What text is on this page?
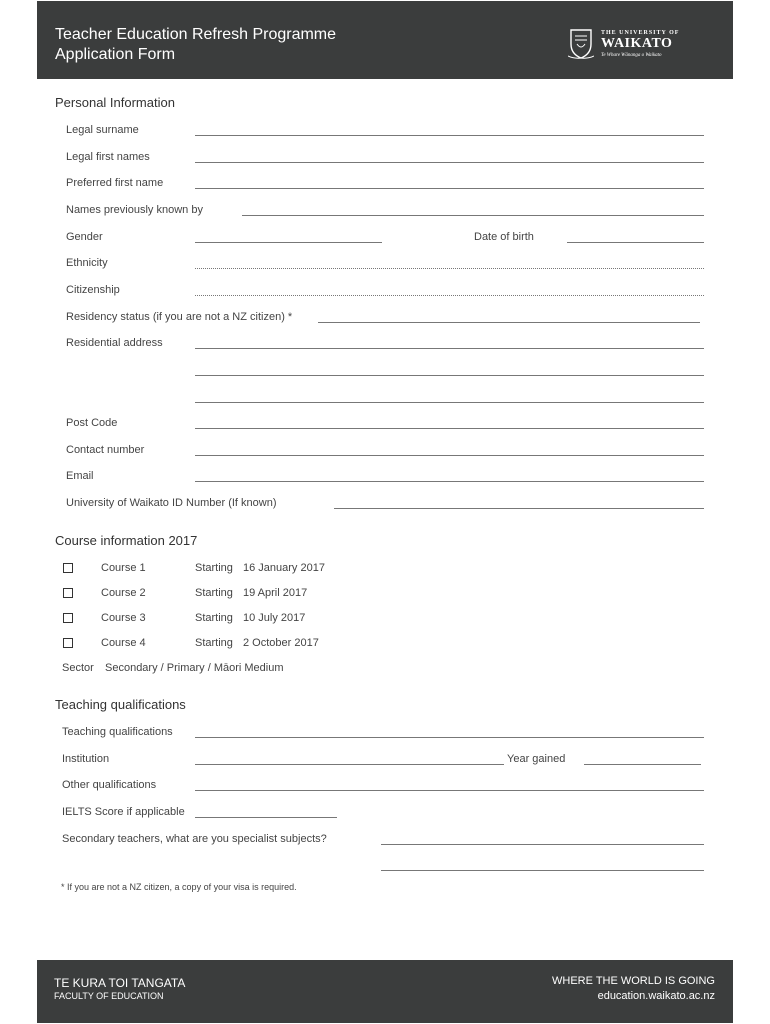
Teacher Education Refresh Programme
Application Form
THE UNIVERSITY OF
WAIKATO
Te Whare Wānanga o Waikato
Personal Information
Legal surname
Legal first names
Preferred first name
Names previously known by
Gender	Date of birth
Ethnicity
Citizenship
Residency status (if you are not a NZ citizen) *
Residential address
Post Code
Contact number
Email
University of Waikato ID Number (If known)
Course information 2017
Course 1	Starting 16 January 2017
Course 2	Starting 19 April 2017
Course 3	Starting 10 July 2017
Course 4	Starting 2 October 2017
Sector Secondary / Primary / Māori Medium
Teaching qualifications
Teaching qualifications
Institution	Year gained
Other qualifications
IELTS Score if applicable
Secondary teachers, what are you specialist subjects?
* If you are not a NZ citizen, a copy of your visa is required.
TE KURA TOI TANGATA
FACULTY OF EDUCATION
WHERE THE WORLD IS GOING
education.waikato.ac.nz
